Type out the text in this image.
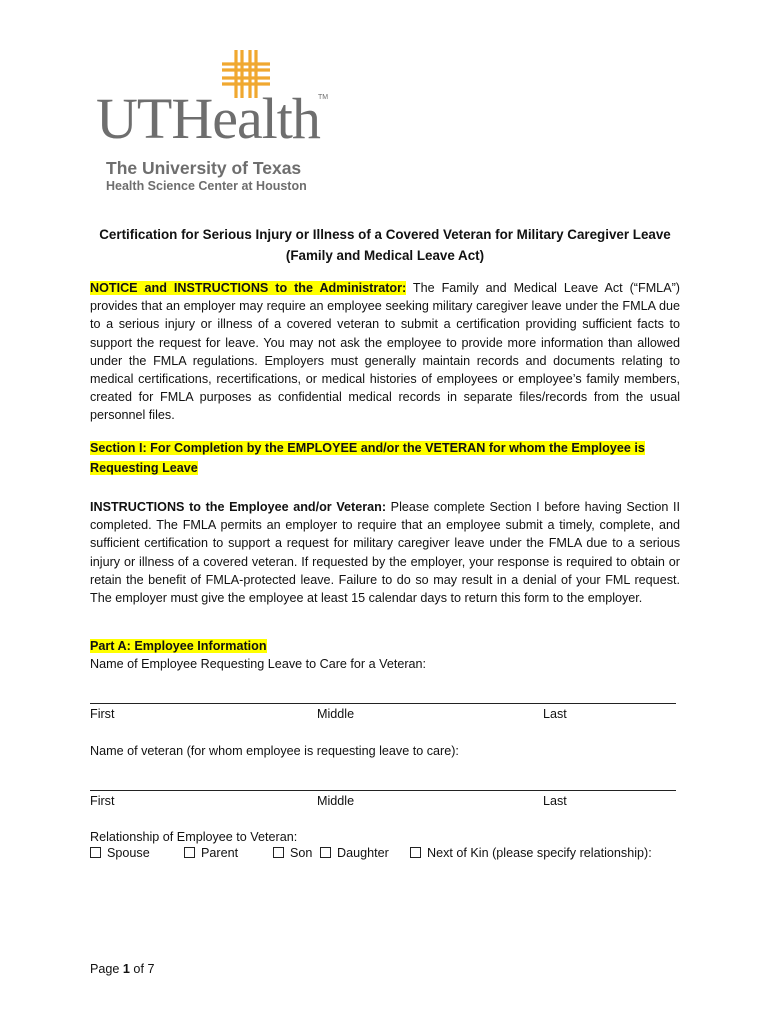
UTHealth
TM
The University of Texas
Health Science Center at Houston
Certification for Serious Injury or Illness of a Covered Veteran for Military Caregiver Leave
(Family and Medical Leave Act)
NOTICE and INSTRUCTIONS to the Administrator: The Family and Medical Leave Act (“FMLA”) provides that an employer may require an employee seeking military caregiver leave under the FMLA due to a serious injury or illness of a covered veteran to submit a certification providing sufficient facts to support the request for leave. You may not ask the employee to provide more information than allowed under the FMLA regulations. Employers must generally maintain records and documents relating to medical certifications, recertifications, or medical histories of employees or employee’s family members, created for FMLA purposes as confidential medical records in separate files/records from the usual personnel files.
Section I: For Completion by the EMPLOYEE and/or the VETERAN for whom the Employee is
Requesting Leave
INSTRUCTIONS to the Employee and/or Veteran: Please complete Section I before having Section II completed. The FMLA permits an employer to require that an employee submit a timely, complete, and sufficient certification to support a request for military caregiver leave under the FMLA due to a serious injury or illness of a covered veteran. If requested by the employer, your response is required to obtain or retain the benefit of FMLA-protected leave. Failure to do so may result in a denial of your FML request. The employer must give the employee at least 15 calendar days to return this form to the employer.
Part A: Employee Information
Name of Employee Requesting Leave to Care for a Veteran:
First	Middle	Last
Name of veteran (for whom employee is requesting leave to care):
First	Middle	Last
Relationship of Employee to Veteran:
Spouse	Parent	Son	Daughter	Next of Kin (please specify relationship):
Page 1 of 7
